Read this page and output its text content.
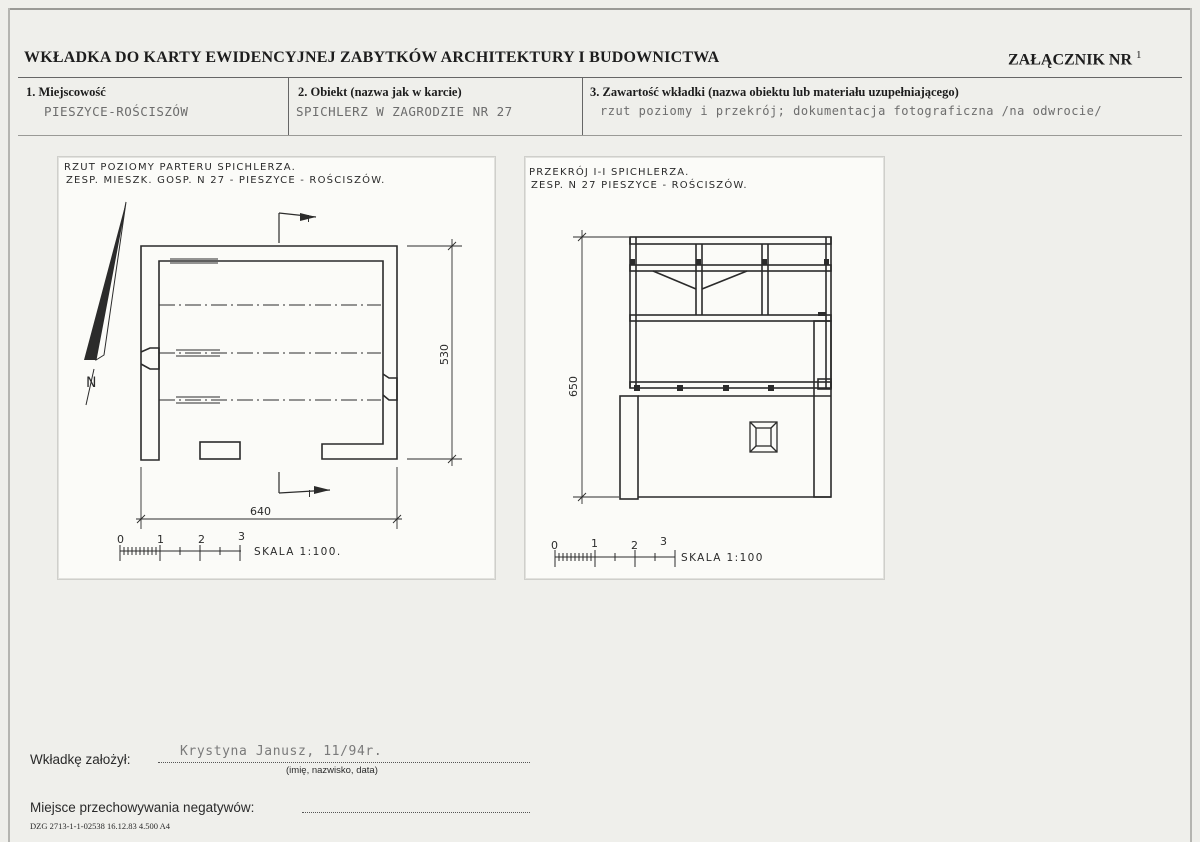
WKŁADKA DO KARTY EWIDENCYJNEJ ZABYTKÓW ARCHITEKTURY I BUDOWNICTWA	ZAŁĄCZNIK NR $^1$
1. Miejscowość
PIESZYCE-ROŚCISZÓW
2. Obiekt (nazwa jak w karcie)
SPICHLERZ W ZAGRODZIE NR 27
3. Zawartość wkładki (nazwa obiektu lub materiału uzupełniającego)
rzut poziomy i przekrój; dokumentacja fotograficzna /na odwrocie/
RZUT POZIOMY PARTERU SPICHLERZA.
ZESP. MIESZK. GOSP. N 27 - PIESZYCE - ROŚCISZÓW.
N
I
I
640
530
0	1	2	3
SKALA 1:100.
PRZEKRÓJ I-I SPICHLERZA.
ZESP. N 27 PIESZYCE - ROŚCISZÓW.
650
0	1	2 3
SKALA 1:100
Wkładkę założył:
Krystyna Janusz, 11/94r.
(imię, nazwisko, data)
Miejsce przechowywania negatywów:
DZG 2713-1-1-02538 16.12.83 4.500 A4
